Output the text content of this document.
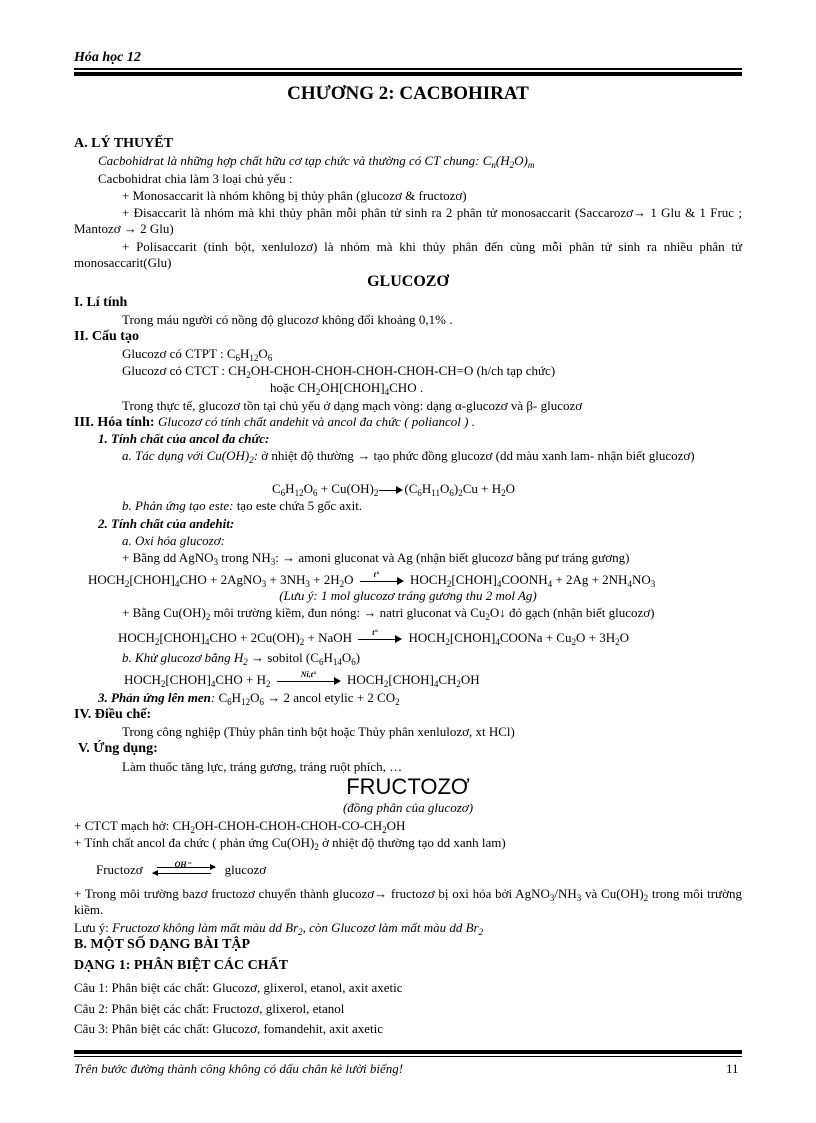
Hóa học 12
CHƯƠNG 2: CACBOHIRAT
A. LÝ THUYẾT
Cacbohidrat là những hợp chất hữu cơ tạp chức và thường có CT chung: $C_n(H_2O)_m$
Cacbohidrat chia làm 3 loại chủ yếu :
+ Monosaccarit là nhóm không bị thủy phân (glucozơ & fructozơ)
+ Đisaccarit là nhóm mà khi thủy phân mỗi phân tử sinh ra 2 phân tử monosaccarit (Saccarozơ→ 1 Glu & 1 Fruc ; Mantozơ → 2 Glu)
+ Polisaccarit (tinh bột, xenlulozơ) là nhóm mà khi thủy phân đến cùng mỗi phân tử sinh ra nhiều phân tử monosaccarit(Glu)
GLUCOZƠ
I. Lí tính
Trong máu người có nồng độ glucozơ không đổi khoảng 0,1% .
II. Cấu tạo
Glucozơ có CTPT : $C_6H_{12}O_6$
Glucozơ có CTCT : $CH_2OH-CHOH-CHOH-CHOH-CHOH-CH=O$ (h/ch tạp chức)
hoặc $CH_2OH[CHOH]_4CHO$ .
Trong thực tế, glucozơ tồn tại chủ yếu ở dạng mạch vòng: dạng α-glucozơ và β- glucozơ
III. Hóa tính: Glucozơ có tính chất andehit và ancol đa chức ( poliancol ) .
1. Tính chất của ancol đa chức:
a. Tác dụng với $Cu(OH)_2$: ở nhiệt độ thường → tạo phức đồng glucozơ (dd màu xanh lam- nhận biết glucozơ)
$C_6H_{12}O_6 + Cu(OH)_2$ $(C_6H_{11}O_6)_2Cu + H_2O$
b. Phản ứng tạo este: tạo este chứa 5 gốc axit.
2. Tính chất của andehit:
a. Oxi hóa glucozơ:
+ Bằng dd AgNO$_3$ trong $NH_3$: → amoni gluconat và Ag (nhận biết glucozơ bằng pư tráng gương)
$HOCH_2[CHOH]_4CHO$ + 2AgNO$_3$ + $3NH_3 + 2H_2O$ t° $HOCH_2[CHOH]_4COONH_4 + 2Ag + 2NH_4NO_3$
(Lưu ý: 1 mol glucozơ tráng gương thu 2 mol Ag)
+ Bằng $Cu(OH)_2$ môi trường kiềm, đun nóng: → natri gluconat và $Cu_2O↓$ đỏ gạch (nhận biết glucozơ)
$HOCH_2[CHOH]_4CHO + 2Cu(OH)_2$ + NaOH t° $HOCH_2[CHOH]_4COONa + Cu_2O + 3H_2O$
b. Khử glucozơ bằng $H_2$ → sobitol $(C_6H_{14}O_6)$
$HOCH_2[CHOH]_4CHO + H_2$
Ni,t° $HOCH_2[CHOH]_4CH_2OH$
3. Phản ứng lên men: $C_6H_{12}O_6 \to 2$ ancol etylic + 2 $CO_2$
IV. Điều chế:
Trong công nghiệp (Thủy phân tinh bột hoặc Thủy phân xenlulozơ, xt HCl)
V. Ứng dụng:
Làm thuốc tăng lực, tráng gương, tráng ruột phích, …
FRUCTOZƠ
(đồng phân của glucozơ)
+ CTCT mạch hở: $CH_2OH-CHOH-CHOH-CHOH-CO-CH_2OH$
+ Tính chất ancol đa chức ( phản ứng $Cu(OH)_2$ ở nhiệt độ thường tạo dd xanh lam)
Fructozơ	OH⁻	glucozơ
+ Trong môi trường bazơ fructozơ chuyển thành glucozơ→ fructozơ bị oxi hóa bởi $AgNO_3/NH_3$ và $Cu(OH)_2$ trong môi trường kiềm.
Lưu ý: Fructozơ không làm mất màu dd $Br_2$, còn Glucozơ làm mất màu dd $Br_2$
B. MỘT SỐ DẠNG BÀI TẬP
DẠNG 1: PHÂN BIỆT CÁC CHẤT
Câu 1: Phân biệt các chất: Glucozơ, glixerol, etanol, axit axetic
Câu 2: Phân biệt các chất: Fructozơ, glixerol, etanol
Câu 3: Phân biệt các chất: Glucozơ, fomandehit, axit axetic
Trên bước đường thành công không có dấu chân kẻ lười biếng!	11
